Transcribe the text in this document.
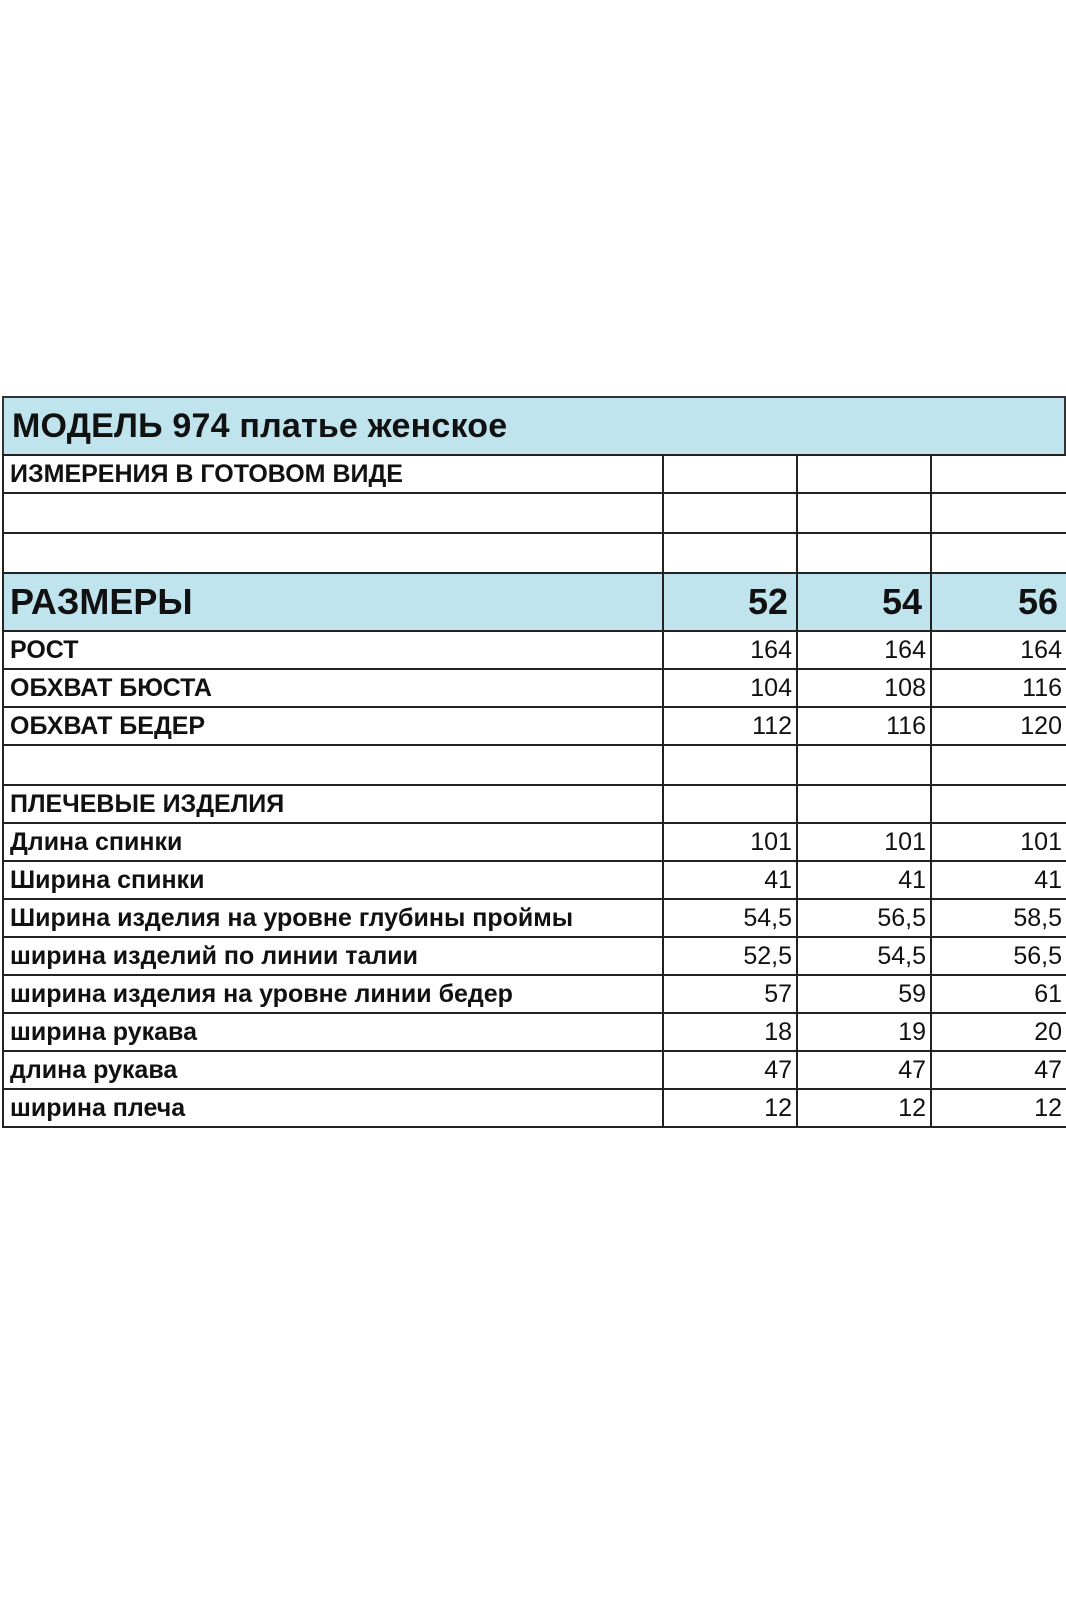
МОДЕЛЬ 974 платье женское
ИЗМЕРЕНИЯ В ГОТОВОМ ВИДЕ			

РАЗМЕРЫ	52	54	56
РОСТ	164	164	164
ОБХВАТ БЮСТА	104	108	116
ОБХВАТ БЕДЕР	112	116	120

ПЛЕЧЕВЫЕ ИЗДЕЛИЯ			
Длина спинки	101	101	101
Ширина спинки	41	41	41
Ширина изделия на уровне глубины проймы	54,5	56,5	58,5
ширина изделий по линии талии	52,5	54,5	56,5
ширина изделия на уровне линии бедер	57	59	61
ширина рукава	18	19	20
длина рукава	47	47	47
ширина плеча	12	12	12
